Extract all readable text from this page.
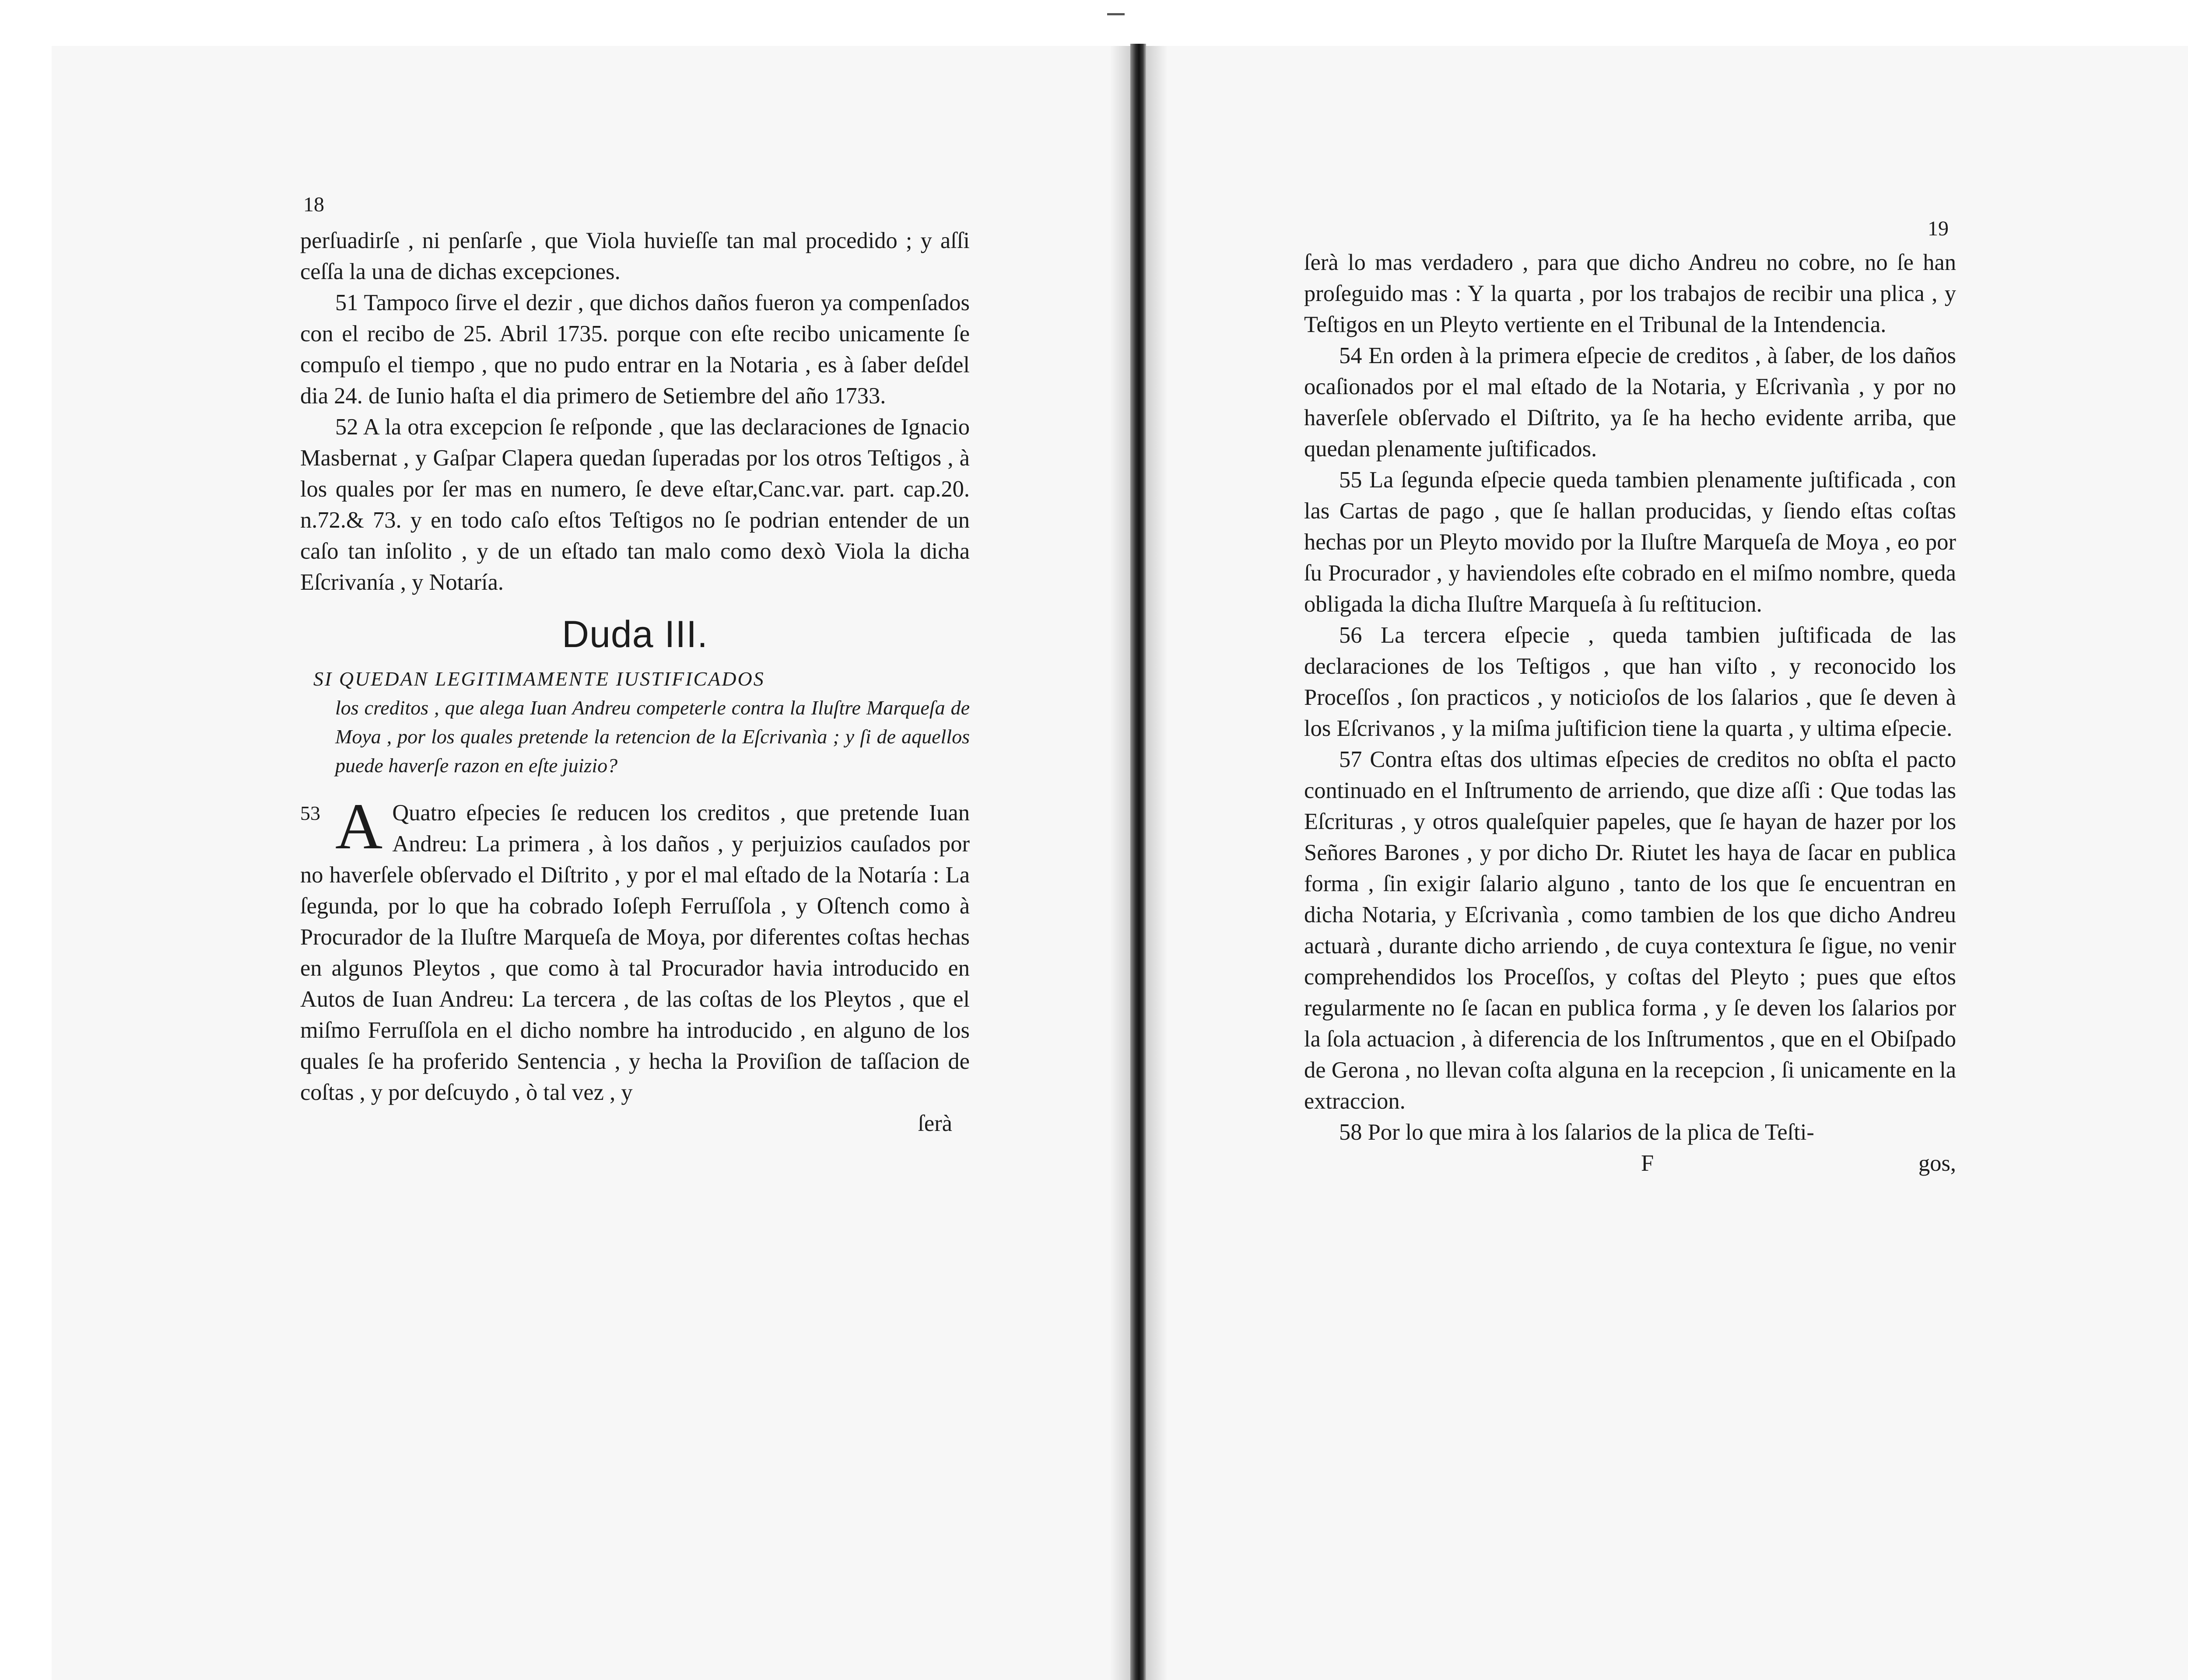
18

perſuadirſe , ni penſarſe , que Viola huvieſſe tan mal procedido ; y aſſi ceſſa la una de dichas excepciones.

51 Tampoco ſirve el dezir , que dichos daños fueron ya compenſados con el recibo de 25. Abril 1735. porque con eſte recibo unicamente ſe compuſo el tiempo , que no pudo entrar en la Notaria , es à ſaber deſdel dia 24. de Iunio haſta el dia primero de Setiembre del año 1733.

52 A la otra excepcion ſe reſponde , que las declaraciones de Ignacio Masbernat , y Gaſpar Clapera quedan ſuperadas por los otros Teſtigos , à los quales por ſer mas en numero, ſe deve eſtar,Canc.var. part. cap.20. n.72.& 73. y en todo caſo eſtos Teſtigos no ſe podrian entender de un caſo tan inſolito , y de un eſtado tan malo como dexò Viola la dicha Eſcrivanía , y Notaría.

Duda III.
SI QUEDAN LEGITIMAMENTE IUSTIFICADOS
los creditos , que alega Iuan Andreu competerle contra la Iluſtre Marqueſa de Moya , por los quales pretende la retencion de la Eſcrivanìa ; y ſi de aquellos puede haverſe razon en eſte juizio?

53 A Quatro eſpecies ſe reducen los creditos , que pretende Iuan Andreu: La primera , à los daños , y perjuizios cauſados por no haverſele obſervado el Diſtrito , y por el mal eſtado de la Notaría : La ſegunda, por lo que ha cobrado Ioſeph Ferruſſola , y Oſtench como à Procurador de la Iluſtre Marqueſa de Moya, por diferentes coſtas hechas en algunos Pleytos , que como à tal Procurador havia introducido en Autos de Iuan Andreu: La tercera , de las coſtas de los Pleytos , que el miſmo Ferruſſola en el dicho nombre ha introducido , en alguno de los quales ſe ha proferido Sentencia , y hecha la Proviſion de taſſacion de coſtas , y por deſcuydo , ò tal vez , y

ſerà

19

ſerà lo mas verdadero , para que dicho Andreu no cobre, no ſe han proſeguido mas : Y la quarta , por los trabajos de recibir una plica , y Teſtigos en un Pleyto vertiente en el Tribunal de la Intendencia.

54 En orden à la primera eſpecie de creditos , à ſaber, de los daños ocaſionados por el mal eſtado de la Notaria, y Eſcrivanìa , y por no haverſele obſervado el Diſtrito, ya ſe ha hecho evidente arriba, que quedan plenamente juſtificados.

55 La ſegunda eſpecie queda tambien plenamente juſtificada , con las Cartas de pago , que ſe hallan producidas, y ſiendo eſtas coſtas hechas por un Pleyto movido por la Iluſtre Marqueſa de Moya , eo por ſu Procurador , y haviendoles eſte cobrado en el miſmo nombre, queda obligada la dicha Iluſtre Marqueſa à ſu reſtitucion.

56 La tercera eſpecie , queda tambien juſtificada de las declaraciones de los Teſtigos , que han viſto , y reconocido los Proceſſos , ſon practicos , y noticioſos de los ſalarios , que ſe deven à los Eſcrivanos , y la miſma juſtificion tiene la quarta , y ultima eſpecie.

57 Contra eſtas dos ultimas eſpecies de creditos no obſta el pacto continuado en el Inſtrumento de arriendo, que dize aſſi : Que todas las Eſcrituras , y otros qualeſquier papeles, que ſe hayan de hazer por los Señores Barones , y por dicho Dr. Riutet les haya de ſacar en publica forma , ſin exigir ſalario alguno , tanto de los que ſe encuentran en dicha Notaria, y Eſcrivanìa , como tambien de los que dicho Andreu actuarà , durante dicho arriendo , de cuya contextura ſe ſigue, no venir comprehendidos los Proceſſos, y coſtas del Pleyto ; pues que eſtos regularmente no ſe ſacan en publica forma , y ſe deven los ſalarios por la ſola actuacion , à diferencia de los Inſtrumentos , que en el Obiſpado de Gerona , no llevan coſta alguna en la recepcion , ſi unicamente en la extraccion.

58 Por lo que mira à los ſalarios de la plica de Teſti-

F	gos,
